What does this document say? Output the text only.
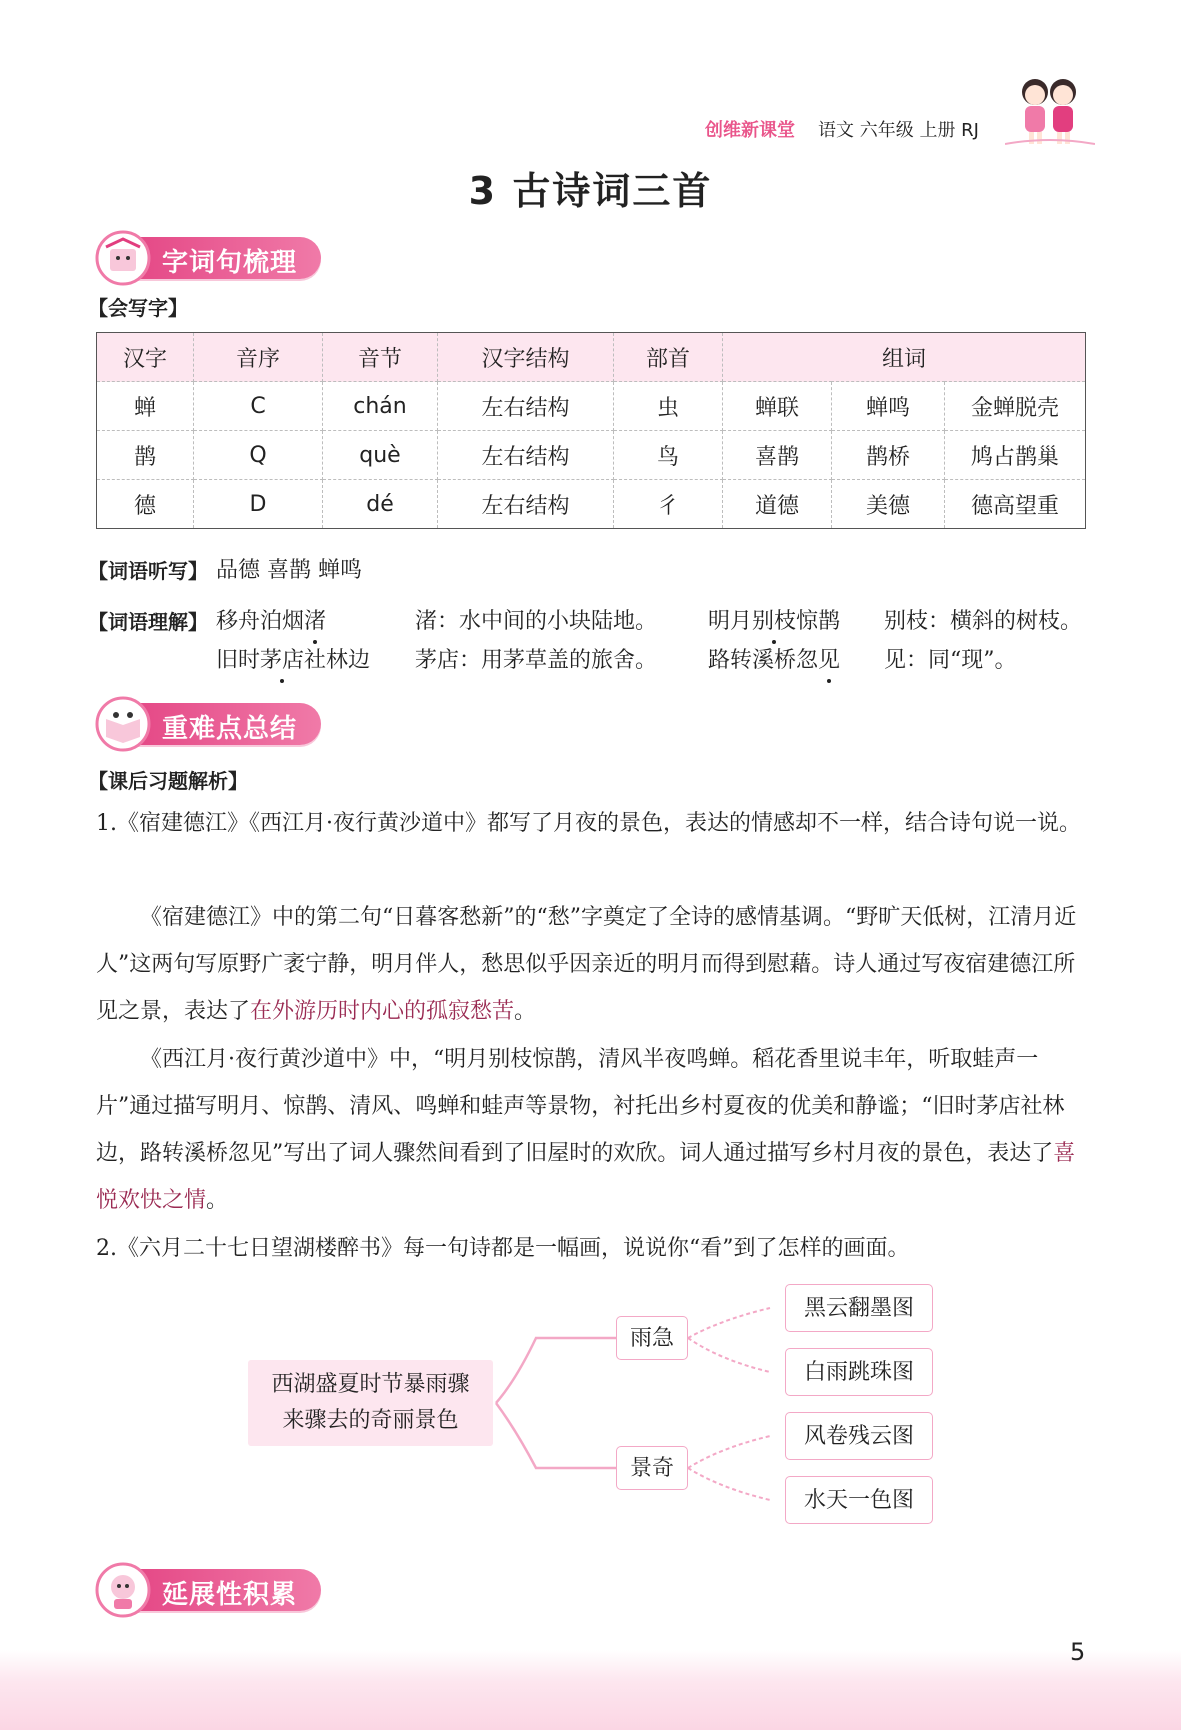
创维新课堂 语文 六年级 上册 RJ
3 古诗词三首
字词句梳理
【会写字】
汉字	音序	音节	汉字结构	部首	组词		
蝉	C	chán	左右结构	虫	蝉联	蝉鸣	金蝉脱壳
鹊	Q	què	左右结构	鸟	喜鹊	鹊桥	鸠占鹊巢
德	D	dé	左右结构	彳	道德	美德	德高望重
【词语听写】 品德 喜鹊 蝉鸣
【词语理解】 移舟泊烟渚	渚：水中间的小块陆地。 明月别枝惊鹊 别枝：横斜的树枝。
旧时茅店社林边 茅店：用茅草盖的旅舍。 路转溪桥忽见 见：同“现”。
重难点总结
【课后习题解析】
1.《宿建德江》《西江月·夜行黄沙道中》都写了月夜的景色，表达的情感却不一样，结合诗句说一说。
《宿建德江》中的第二句“日暮客愁新”的“愁”字奠定了全诗的感情基调。“野旷天低树，江清月近人”这两句写原野广袤宁静，明月伴人，愁思似乎因亲近的明月而得到慰藉。诗人通过写夜宿建德江所见之景，表达了在外游历时内心的孤寂愁苦。
《西江月·夜行黄沙道中》中，“明月别枝惊鹊，清风半夜鸣蝉。稻花香里说丰年，听取蛙声一片”通过描写明月、惊鹊、清风、鸣蝉和蛙声等景物，衬托出乡村夏夜的优美和静谧；“旧时茅店社林边，路转溪桥忽见”写出了词人骤然间看到了旧屋时的欢欣。词人通过描写乡村月夜的景色，表达了喜悦欢快之情。
2.《六月二十七日望湖楼醉书》每一句诗都是一幅画，说说你“看”到了怎样的画面。
西湖盛夏时节暴雨骤
来骤去的奇丽景色
雨急
景奇
黑云翻墨图
白雨跳珠图
风卷残云图
水天一色图
延展性积累
5
